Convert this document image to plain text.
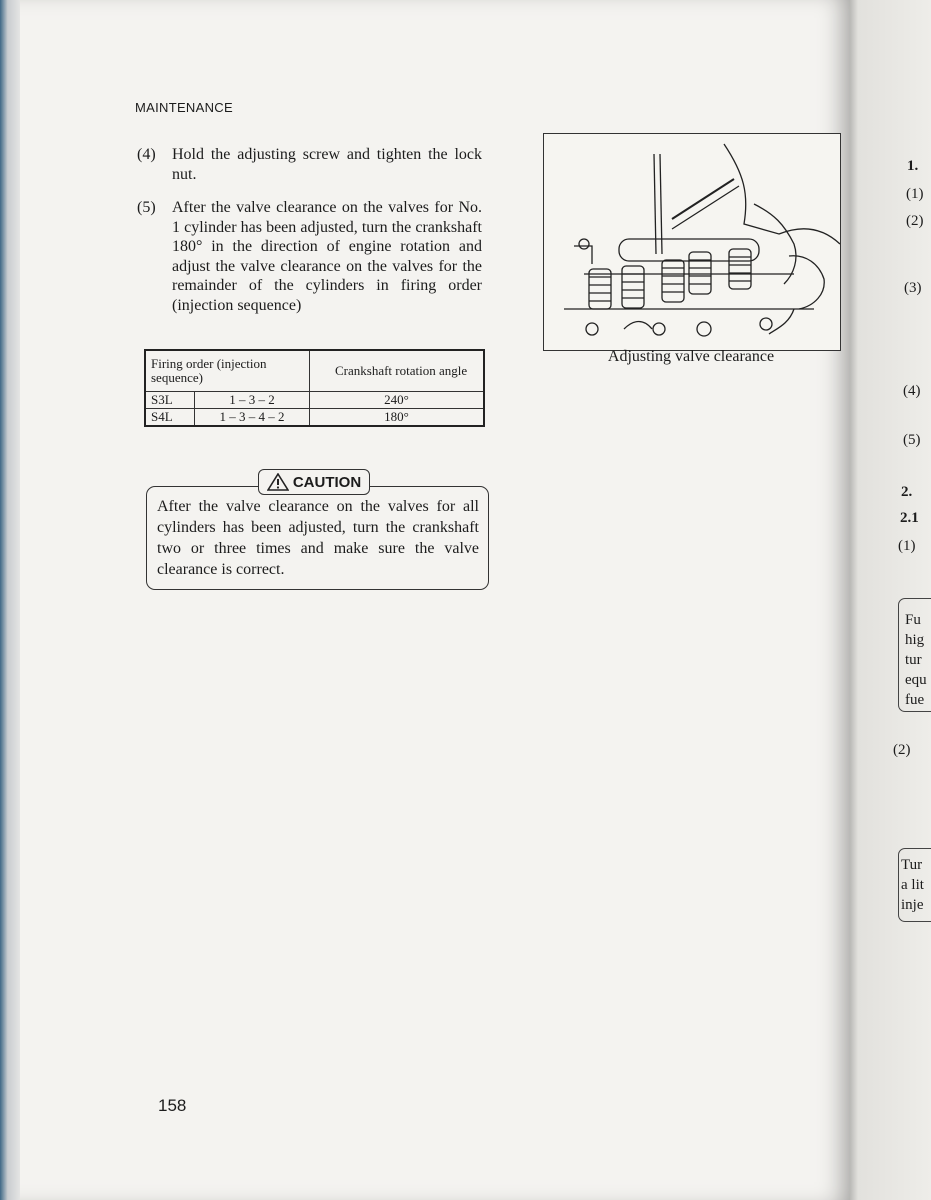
MAINTENANCE
(4) Hold the adjusting screw and tighten the lock nut.
(5) After the valve clearance on the valves for No. 1 cylinder has been adjusted, turn the crankshaft 180° in the direction of engine rotation and adjust the valve clearance on the valves for the remainder of the cylinders in firing order (injection sequence)
Firing order (injection sequence)		Crankshaft rotation angle
S3L	1 – 3 – 2	240°
S4L	1 – 3 – 4 – 2	180°
CAUTION
After the valve clearance on the valves for all cylinders has been adjusted, turn the crankshaft two or three times and make sure the valve clearance is correct.
Adjusting valve clearance
158
1.
(1)
(2)
(3)
(4)
(5)
2.
2.1
(1)
Fu
hig
tur
equ
fue
(2)
Tur
a lit
inje
